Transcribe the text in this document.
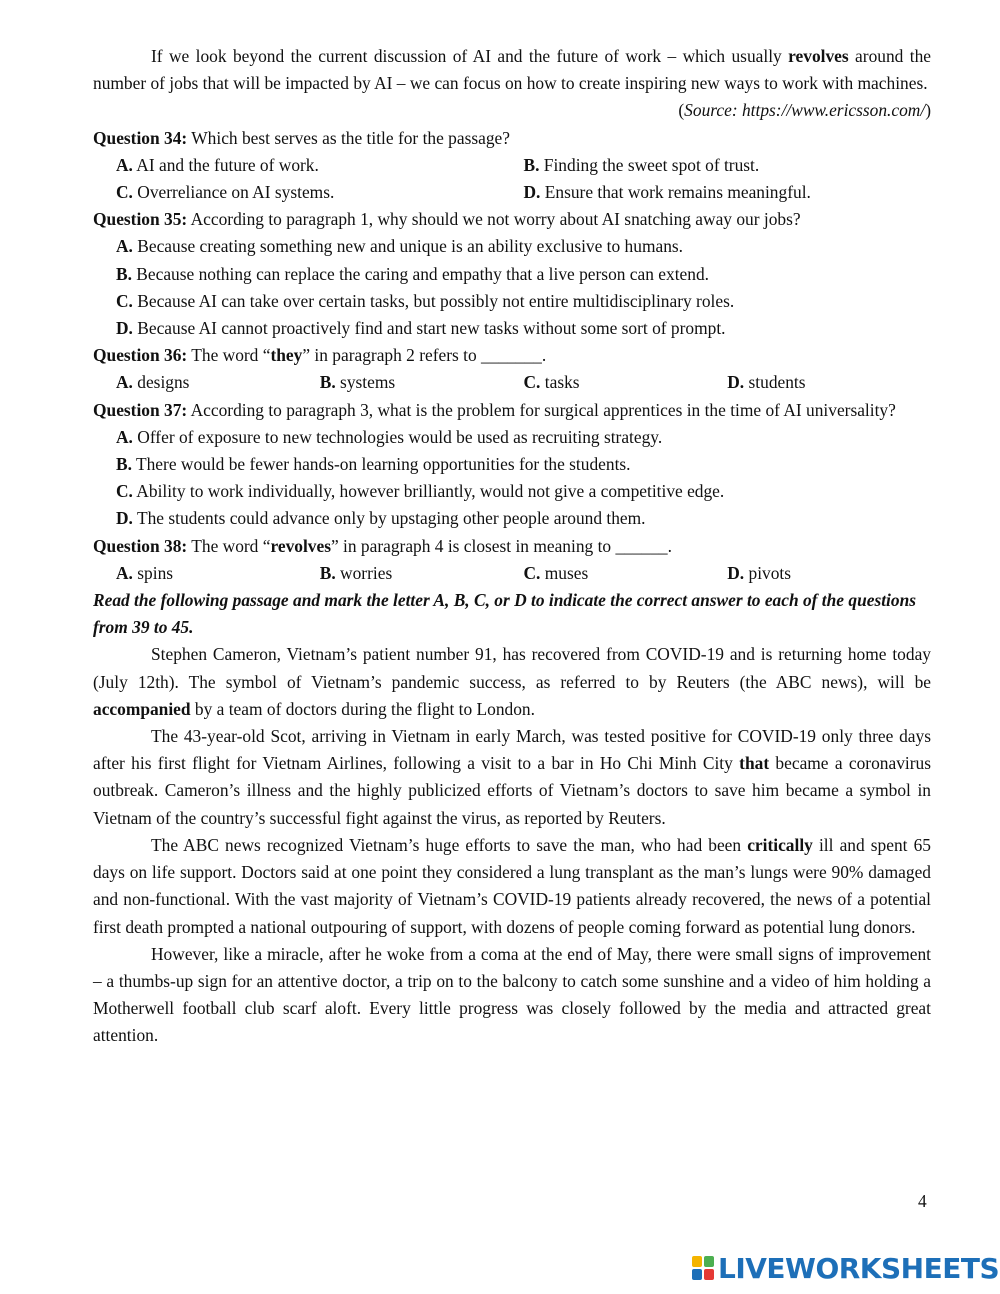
If we look beyond the current discussion of AI and the future of work – which usually revolves around the number of jobs that will be impacted by AI – we can focus on how to create inspiring new ways to work with machines.

(Source: https://www.ericsson.com/)

Question 34: Which best serves as the title for the passage?

A. AI and the future of work.	B. Finding the sweet spot of trust.
C. Overreliance on AI systems.	D. Ensure that work remains meaningful.

Question 35: According to paragraph 1, why should we not worry about AI snatching away our jobs?

A. Because creating something new and unique is an ability exclusive to humans.

B. Because nothing can replace the caring and empathy that a live person can extend.

C. Because AI can take over certain tasks, but possibly not entire multidisciplinary roles.

D. Because AI cannot proactively find and start new tasks without some sort of prompt.

Question 36: The word “they” in paragraph 2 refers to _______.

A. designs	B. systems	C. tasks	D. students

Question 37: According to paragraph 3, what is the problem for surgical apprentices in the time of AI universality?

A. Offer of exposure to new technologies would be used as recruiting strategy.

B. There would be fewer hands-on learning opportunities for the students.

C. Ability to work individually, however brilliantly, would not give a competitive edge.

D. The students could advance only by upstaging other people around them.

Question 38: The word “revolves” in paragraph 4 is closest in meaning to ______.

A. spins	B. worries	C. muses	D. pivots

Read the following passage and mark the letter A, B, C, or D to indicate the correct answer to each of the questions from 39 to 45.

Stephen Cameron, Vietnam’s patient number 91, has recovered from COVID-19 and is returning home today (July 12th). The symbol of Vietnam’s pandemic success, as referred to by Reuters (the ABC news), will be accompanied by a team of doctors during the flight to London.

The 43-year-old Scot, arriving in Vietnam in early March, was tested positive for COVID-19 only three days after his first flight for Vietnam Airlines, following a visit to a bar in Ho Chi Minh City that became a coronavirus outbreak. Cameron’s illness and the highly publicized efforts of Vietnam’s doctors to save him became a symbol in Vietnam of the country’s successful fight against the virus, as reported by Reuters.

The ABC news recognized Vietnam’s huge efforts to save the man, who had been critically ill and spent 65 days on life support. Doctors said at one point they considered a lung transplant as the man’s lungs were 90% damaged and non-functional. With the vast majority of Vietnam’s COVID-19 patients already recovered, the news of a potential first death prompted a national outpouring of support, with dozens of people coming forward as potential lung donors.

However, like a miracle, after he woke from a coma at the end of May, there were small signs of improvement – a thumbs-up sign for an attentive doctor, a trip on to the balcony to catch some sunshine and a video of him holding a Motherwell football club scarf aloft. Every little progress was closely followed by the media and attracted great attention.

4
LIVEWORKSHEETS
